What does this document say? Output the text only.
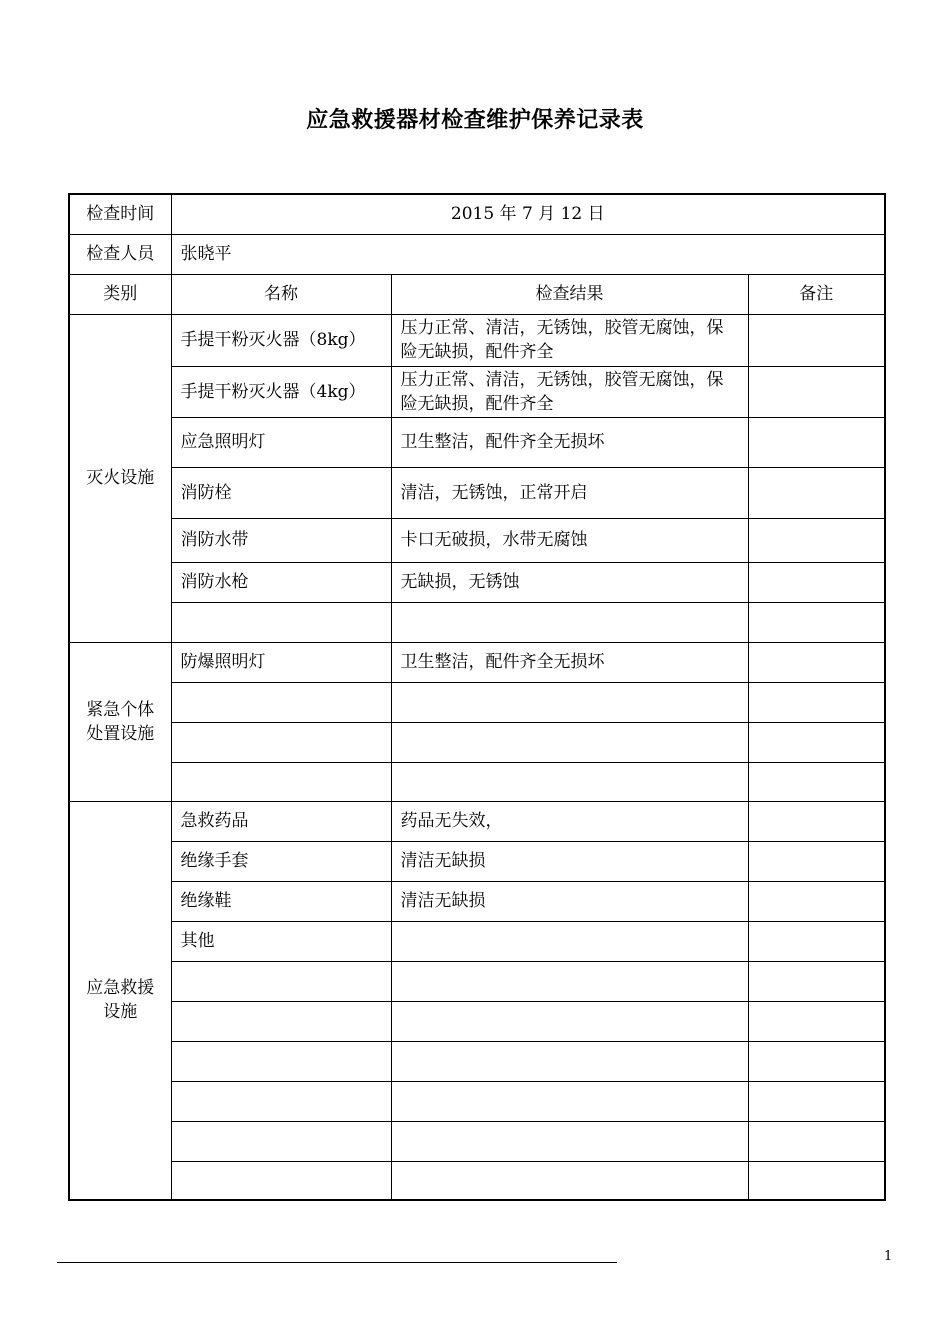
应急救援器材检查维护保养记录表
检查时间	2015 年 7 月 12 日		
检查人员	张晓平		
类别	名称	检查结果	备注
灭火设施	手提干粉灭火器（8kg）	压力正常、清洁，无锈蚀，胶管无腐蚀，保险无缺损，配件齐全	
	手提干粉灭火器（4kg）	压力正常、清洁，无锈蚀，胶管无腐蚀，保险无缺损，配件齐全	
	应急照明灯	卫生整洁，配件齐全无损坏	
	消防栓	清洁，无锈蚀，正常开启	
	消防水带	卡口无破损，水带无腐蚀	
	消防水枪	无缺损，无锈蚀	

紧急个体
处置设施	防爆照明灯	卫生整洁，配件齐全无损坏	

应急救援
设施	急救药品	药品无失效，	
	绝缘手套	清洁无缺损	
	绝缘鞋	清洁无缺损	
	其他		

1
